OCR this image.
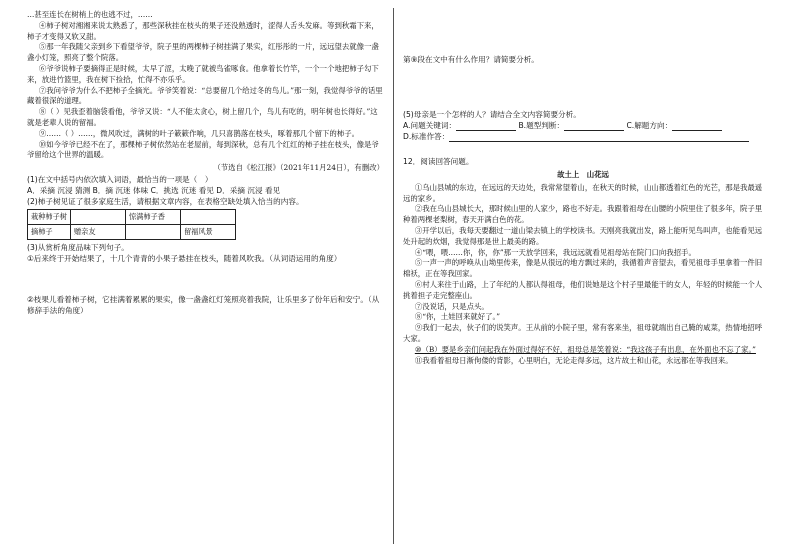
…甚至连长在树梢上的也逃不过，……

④柿子树对湘湘来说太熟悉了，那些深秋挂在枝头的果子还没熟透时，涩得人舌头发麻。等到秋霜下来，柿子才变得又软又甜。

⑤那一年我随父亲到乡下看望爷爷，院子里的两棵柿子树挂满了果实，红彤彤的一片，远远望去就像一盏盏小灯笼，照亮了整个院落。

⑥爷爷说柿子要摘得正是时候，太早了涩，太晚了就被鸟雀啄食。他拿着长竹竿，一个一个地把柿子勾下来，放进竹篮里，我在树下捡拾，忙得不亦乐乎。

⑦我问爷爷为什么不把柿子全摘光。爷爷笑着说：“总要留几个给过冬的鸟儿。”那一刻，我觉得爷爷的话里藏着很深的道理。

⑧（ ）见我歪着脑袋看他，爷爷又说：“人不能太贪心，树上留几个，鸟儿有吃的，明年树也长得好。”这就是老辈人说的留福。

⑨……（ ）……，微风吹过，满树的叶子簌簌作响，几只喜鹊落在枝头，啄着那几个留下的柿子。

⑩如今爷爷已经不在了，那棵柿子树依然站在老屋前，每到深秋，总有几个红红的柿子挂在枝头，像是爷爷留给这个世界的温暖。

（节选自《松江报》（2021年11月24日），有删改）

(1)在文中括号内依次填入词语，最恰当的一项是（　）

A．采摘 沉浸 猜测 B．摘 沉迷 体味 C．挑选 沉迷 看见 D．采摘 沉浸 看见

(2)柿子树见证了很多家庭生活，请根据文章内容，在表格空缺处填入恰当的内容。

栽种柿子树		惊满柿子香	
摘柿子	赠亲友		留福风景

(3)从赏析角度品味下列句子。

①后来终于开始结果了，十几个青青的小果子悬挂在枝头，随着风吹我。（从词语运用的角度）

②枝果儿看着柿子树，它挂满着累累的果实，像一盏盏红灯笼照亮着我院，让乐里多了份年后和安宁。（从修辞手法的角度）

第⑨段在文中有什么作用？请简要分析。

(5)母亲是一个怎样的人？请结合全文内容简要分析。

A.问题关键词：	B.题型判断：	C.解题方向：

D.标准作答：

12．阅读回答问题。

故土上　山花远

①乌山县城的东边，在远远的天边处，我常常望着山，在秋天的时候，山山都透着红色的光芒，那是我最遥远的家乡。

②我在乌山县城长大，那时候山里的人家少，路也不好走。我跟着祖母在山腰的小院里住了很多年，院子里种着两棵老梨树，春天开满白色的花。

③开学以后，我每天要翻过一道山梁去镇上的学校读书。天刚亮我就出发，路上能听见鸟叫声，也能看见远处升起的炊烟，我觉得那是世上最美的路。

④“喂，喂……你，你，你”那一天放学回来，我远远就看见祖母站在院门口向我招手。

⑤一声一声的呼唤从山坳里传来，像是从很远的地方飘过来的，我循着声音望去，看见祖母手里拿着一件旧棉袄，正在等我回家。

⑥村人来往于山路，上了年纪的人都认得祖母，他们说她是这个村子里最能干的女人，年轻的时候能一个人挑着担子走完整座山。

⑦没说话，只是点头。

⑧“你，土娃回来就好了。”

⑨我们一起去，伙子们的说笑声。王从前的小院子里，常有客来坐，祖母就端出自己腌的咸菜，热情地招呼大家。

⑩（B）要是乡亲们问起我在外面过得好不好，祖母总是笑着说：“我这孩子有出息，在外面也不忘了家。”

⑪我看着祖母日渐佝偻的背影，心里明白，无论走得多远，这片故土和山花，永远都在等我回来。
